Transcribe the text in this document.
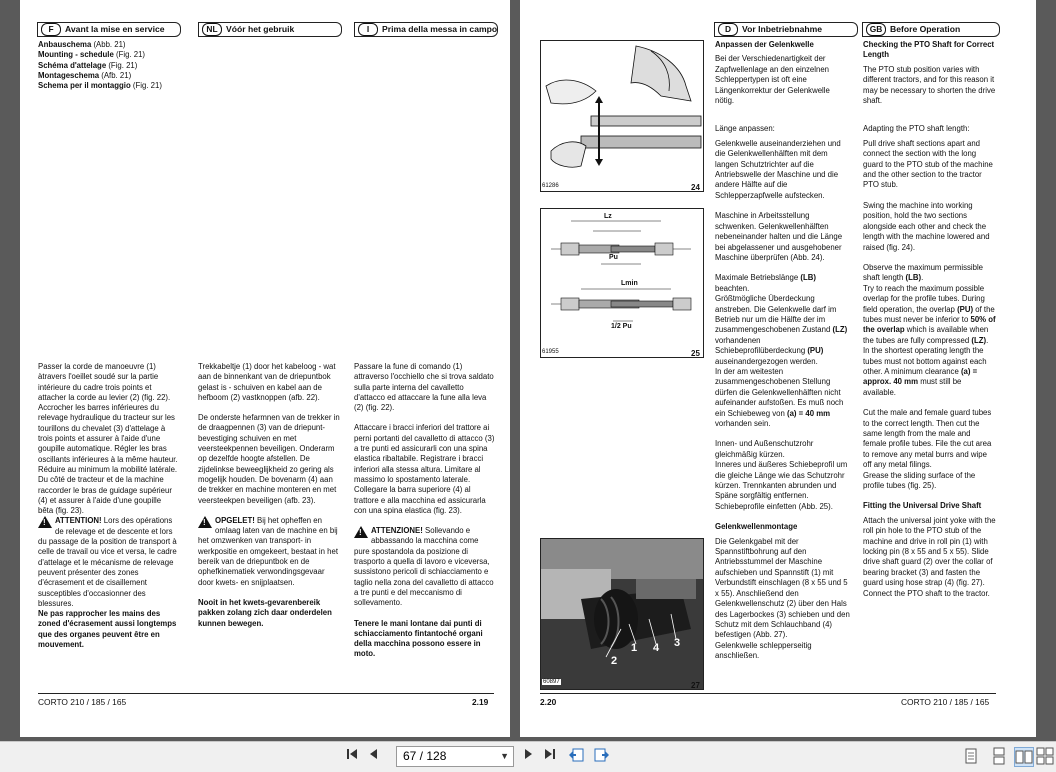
F Avant la mise en service	NL Vóór het gebruik	I Prima della messa in campo

Anbauschema (Abb. 21)

Mounting - schedule (Fig. 21)

Schéma d'attelage (Fig. 21)

Montageschema (Afb. 21)

Schema per il montaggio (Fig. 21)

Passer la corde de manoeuvre (1) àtravers l'oeillet soudé sur la partie intérieure du cadre trois points et attacher la corde au levier (2) (fig. 22).

Accrocher les barres inférieures du relevage hydraulique du tracteur sur les tourillons du chevalet (3) d'attelage à trois points et assurer à l'aide d'une goupille automatique. Régler les bras oscillants inférieures à la même hauteur. Réduire au minimum la mobilité latérale. Du côté de tracteur et de la machine raccorder le bras de guidage supérieur (4) et assurer à l'aide d'une goupille bêta (fig. 23).

!
ATTENTION! Lors des opérations de relevage et de descente et lors du passage de la position de transport à celle de travail ou vice et versa, le cadre d'attelage et le mécanisme de relevage peuvent présenter des zones d'écrasement et de cisaillement susceptibles d'occasionner des blessures.

Ne pas rapprocher les mains des zoned d'écrasement aussi longtemps que des organes peuvent être en mouvement.

Trekkabeltje (1) door het kabeloog - wat aan de binnenkant van de driepuntbok gelast is - schuiven en kabel aan de hefboom (2) vastknoppen (afb. 22).

De onderste hefarmnen van de trekker in de draagpennen (3) van de driepunt-bevestiging schuiven en met veersteekpennen beveiligen. Onderarm op dezelfde hoogte afstellen. De zijdelinkse beweeglijkheid zo gering als mogelijk houden. De bovenarm (4) aan de trekker en machine monteren en met veersteekpen beveiligen (afb. 23).

!
OPGELET! Bij het opheffen en omlaag laten van de machine en bij het omzwenken van transport- in werkpositie en omgekeert, bestaat in het bereik van de driepuntbok en de ophefkinematiek verwondingsgevaar door kwets- en snijplaatsen.

Nooit in het kwets-gevarenbereik pakken zolang zich daar onderdelen kunnen bewegen.

Passare la fune di comando (1) attraverso l'occhiello che si trova saldato sulla parte interna del cavalletto d'attacco ed attaccare la fune alla leva (2) (fig. 22).

Attaccare i bracci inferiori del trattore ai perni portanti del cavalletto di attacco (3) a tre punti ed assicurarli con una spina elastica ribaltabile. Registrare i bracci inferiori alla stessa altura. Limitare al massimo lo spostamento laterale. Collegare la barra superiore (4) al trattore e alla macchina ed assicurarla con una spina elastica (fig. 23).

!
ATTENZIONE! Sollevando e abbassando la macchina come pure spostandola da posizione di trasporto a quella di lavoro e viceversa, sussistono pericoli di schiacciamento e taglio nella zona del cavalletto di attacco a tre punti e del meccanismo di sollevamento.

Tenere le mani lontane dai punti di schiacciamento fintantoché organi della macchina possono essere in moto.

CORTO 210 / 185 / 165	2.19
D Vor Inbetriebnahme	GB Before Operation
61286	24
Lz
Pu
Lmin
1/2 Pu
61955	25
2
1 4 3
60897	27

Anpassen der Gelenkwelle

Bei der Verschiedenartigkeit der Zapfwellenlage an den einzelnen Schleppertypen ist oft eine Längenkorrektur der Gelenkwelle nötig.

Länge anpassen:

Gelenkwelle auseinanderziehen und die Gelenkwellenhälften mit dem langen Schutztrichter auf die Antriebswelle der Maschine und die andere Hälfte auf die Schlepperzapfwelle aufstecken.

Maschine in Arbeitsstellung schwenken. Gelenkwellenhälften nebeneinander halten und die Länge bei abgelassener und ausgehobener Maschine überprüfen (Abb. 24).

Maximale Betriebslänge (LB) beachten.

Größtmögliche Überdeckung anstreben. Die Gelenkwelle darf im Betrieb nur um die Hälfte der im zusammengeschobenen Zustand (LZ) vorhandenen Schiebeprofilüberdeckung (PU) auseinandergezogen werden.

In der am weitesten zusammengeschobenen Stellung dürfen die Gelenkwellenhälften nicht aufeinander aufstoßen. Es muß noch ein Schiebeweg von (a) = 40 mm vorhanden sein.

Innen- und Außenschutzrohr gleichmäßig kürzen.

Inneres und äußeres Schiebeprofil um die gleiche Länge wie das Schutzrohr kürzen. Trennkanten abrunden und Späne sorgfältig entfernen. Schiebeprofile einfetten (Abb. 25).

Gelenkwellenmontage

Die Gelenkgabel mit der Spannstiftbohrung auf den Antriebsstummel der Maschine aufschieben und Spannstift (1) mit Verbundstift einschlagen (8 x 55 und 5 x 55). Anschließend den Gelenkwellenschutz (2) über den Hals des Lagerbockes (3) schieben und den Schutz mit dem Schlauchband (4) befestigen (Abb. 27).

Gelenkwelle schlepperseitig anschließen.

Checking the PTO Shaft for Correct Length

The PTO stub position varies with different tractors, and for this reason it may be necessary to shorten the drive shaft.

Adapting the PTO shaft length:

Pull drive shaft sections apart and connect the section with the long guard to the PTO stub of the machine and the other section to the tractor PTO stub.

Swing the machine into working position, hold the two sections alongside each other and check the length with the machine lowered and raised (fig. 24).

Observe the maximum permissible shaft length (LB).

Try to reach the maximum possible overlap for the profile tubes. During field operation, the overlap (PU) of the tubes must never be inferior to 50% of the overlap which is available when the tubes are fully compressed (LZ).

In the shortest operating length the tubes must not bottom against each other. A minimum clearance (a) = approx. 40 mm must still be available.

Cut the male and female guard tubes to the correct length. Then cut the same length from the male and female profile tubes. File the cut area to remove any metal burrs and wipe off any metal filings.

Grease the sliding surface of the profile tubes (fig. 25).

Fitting the Universal Drive Shaft

Attach the universal joint yoke with the roll pin hole to the PTO stub of the machine and drive in roll pin (1) with locking pin (8 x 55 and 5 x 55). Slide drive shaft guard (2) over the collar of bearing bracket (3) and fasten the guard using hose strap (4) (fig. 27).

Connect the PTO shaft to the tractor.

2.20	CORTO 210 / 185 / 165
67 / 128	▼
